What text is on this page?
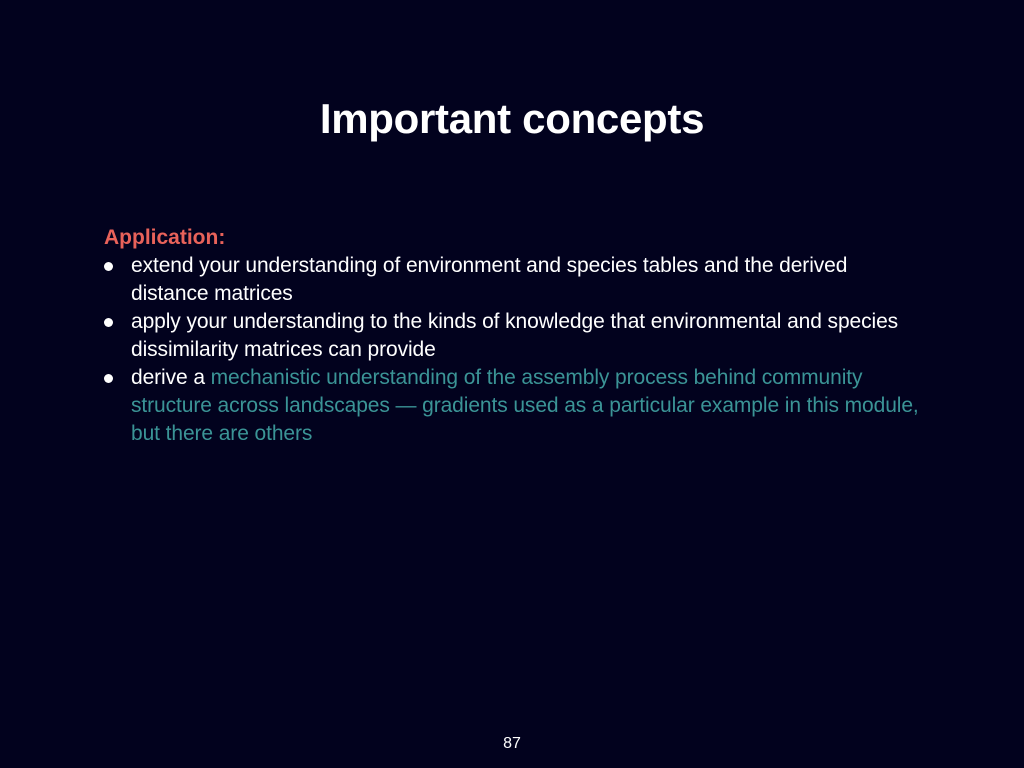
Important concepts
Application:
extend your understanding of environment and species tables and the derived distance matrices
apply your understanding to the kinds of knowledge that environmental and species dissimilarity matrices can provide
derive a mechanistic understanding of the assembly process behind community structure across landscapes — gradients used as a particular example in this module, but there are others
87
